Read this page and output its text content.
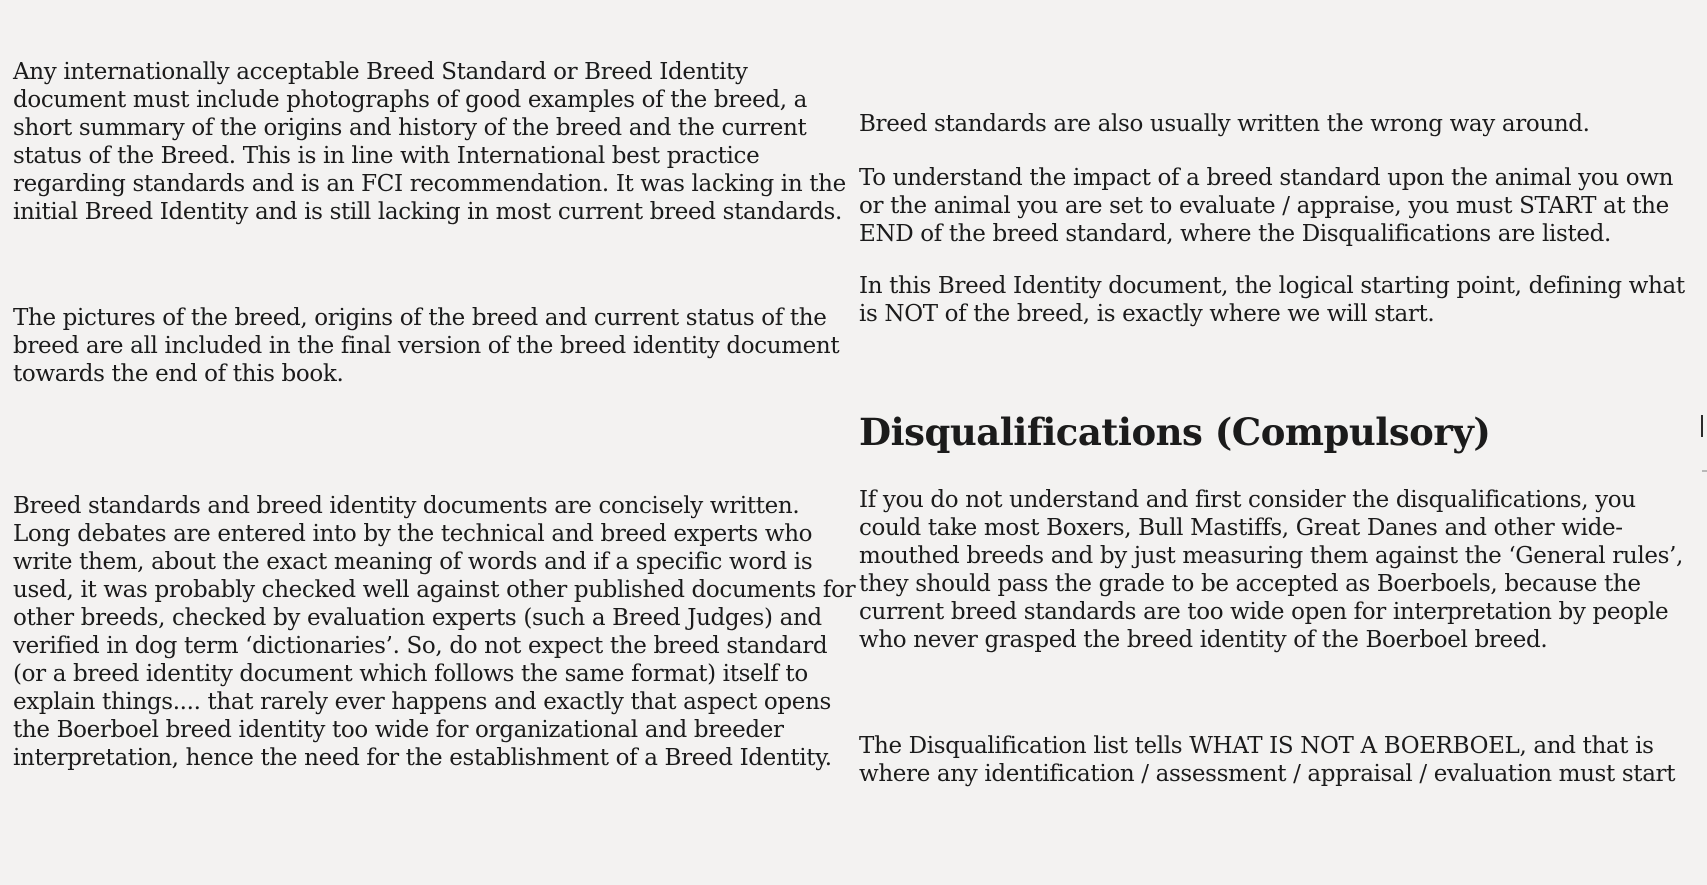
Any internationally acceptable Breed Standard or Breed Identity
document must include photographs of good examples of the breed, a
short summary of the origins and history of the breed and the current
status of the Breed. This is in line with International best practice
regarding standards and is an FCI recommendation. It was lacking in the
initial Breed Identity and is still lacking in most current breed standards.

The pictures of the breed, origins of the breed and current status of the
breed are all included in the final version of the breed identity document
towards the end of this book.

Breed standards and breed identity documents are concisely written.
Long debates are entered into by the technical and breed experts who
write them, about the exact meaning of words and if a specific word is
used, it was probably checked well against other published documents for
other breeds, checked by evaluation experts (such a Breed Judges) and
verified in dog term ‘dictionaries’. So, do not expect the breed standard
(or a breed identity document which follows the same format) itself to
explain things.... that rarely ever happens and exactly that aspect opens
the Boerboel breed identity too wide for organizational and breeder
interpretation, hence the need for the establishment of a Breed Identity.

Breed standards are also usually written the wrong way around.

To understand the impact of a breed standard upon the animal you own
or the animal you are set to evaluate / appraise, you must START at the
END of the breed standard, where the Disqualifications are listed.

In this Breed Identity document, the logical starting point, defining what
is NOT of the breed, is exactly where we will start.

Disqualifications (Compulsory)

If you do not understand and first consider the disqualifications, you
could take most Boxers, Bull Mastiffs, Great Danes and other wide-
mouthed breeds and by just measuring them against the ‘General rules’,
they should pass the grade to be accepted as Boerboels, because the
current breed standards are too wide open for interpretation by people
who never grasped the breed identity of the Boerboel breed.

The Disqualification list tells WHAT IS NOT A BOERBOEL, and that is
where any identification / assessment / appraisal / evaluation must start
